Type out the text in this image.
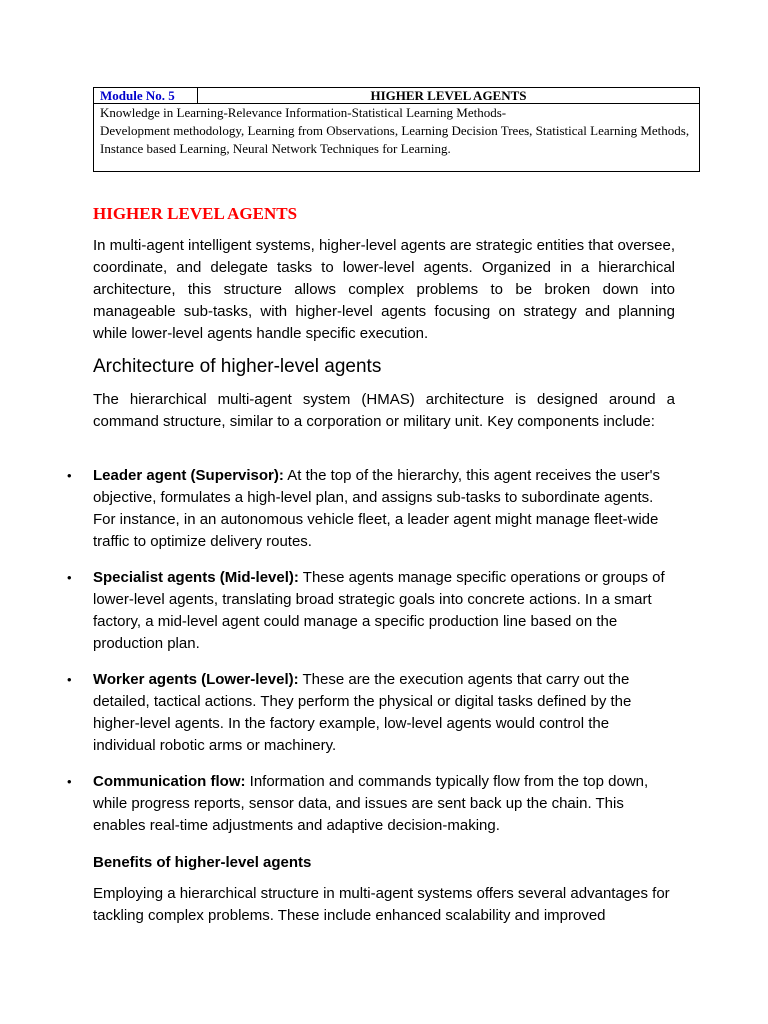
Module No. 5	HIGHER LEVEL AGENTS
Knowledge in Learning-Relevance Information-Statistical Learning Methods-
Development methodology, Learning from Observations, Learning Decision Trees, Statistical Learning Methods, Instance based Learning, Neural Network Techniques for Learning.
HIGHER LEVEL AGENTS

In multi-agent intelligent systems, higher-level agents are strategic entities that oversee, coordinate, and delegate tasks to lower-level agents. Organized in a hierarchical architecture, this structure allows complex problems to be broken down into manageable sub-tasks, with higher-level agents focusing on strategy and planning while lower-level agents handle specific execution.

Architecture of higher-level agents

The hierarchical multi-agent system (HMAS) architecture is designed around a command structure, similar to a corporation or military unit. Key components include:

• Leader agent (Supervisor): At the top of the hierarchy, this agent receives the user's objective, formulates a high-level plan, and assigns sub-tasks to subordinate agents. For instance, in an autonomous vehicle fleet, a leader agent might manage fleet-wide traffic to optimize delivery routes.
• Specialist agents (Mid-level): These agents manage specific operations or groups of lower-level agents, translating broad strategic goals into concrete actions. In a smart factory, a mid-level agent could manage a specific production line based on the production plan.
• Worker agents (Lower-level): These are the execution agents that carry out the detailed, tactical actions. They perform the physical or digital tasks defined by the higher-level agents. In the factory example, low-level agents would control the individual robotic arms or machinery.
• Communication flow: Information and commands typically flow from the top down, while progress reports, sensor data, and issues are sent back up the chain. This enables real-time adjustments and adaptive decision-making.
Benefits of higher-level agents

Employing a hierarchical structure in multi-agent systems offers several advantages for tackling complex problems. These include enhanced scalability and improved
